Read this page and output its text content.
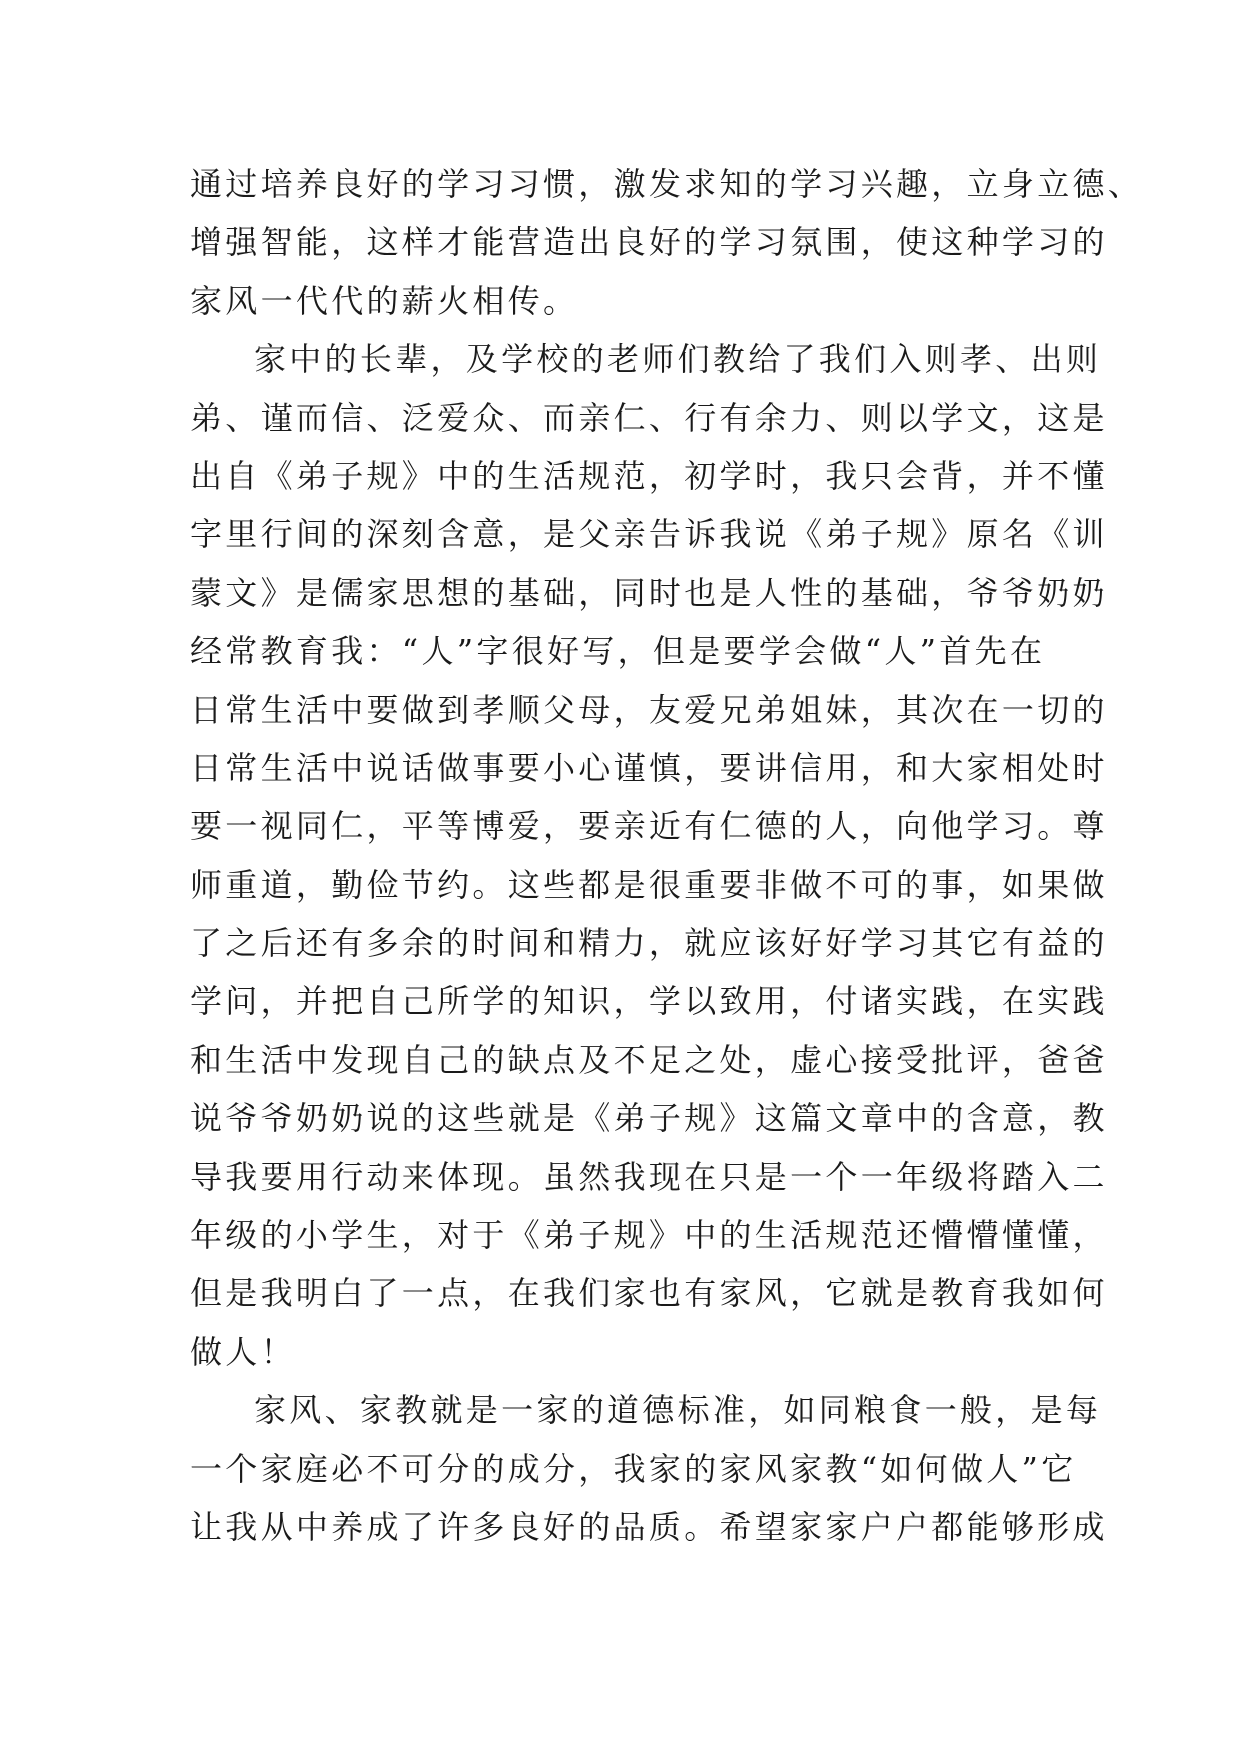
通过培养良好的学习习惯，激发求知的学习兴趣，立身立德、
增强智能，这样才能营造出良好的学习氛围，使这种学习的
家风一代代的薪火相传。
家中的长辈，及学校的老师们教给了我们入则孝、出则
弟、谨而信、泛爱众、而亲仁、行有余力、则以学文，这是
出自《弟子规》中的生活规范，初学时，我只会背，并不懂
字里行间的深刻含意，是父亲告诉我说《弟子规》原名《训
蒙文》是儒家思想的基础，同时也是人性的基础，爷爷奶奶
经常教育我：“人”字很好写，但是要学会做“人”首先在
日常生活中要做到孝顺父母，友爱兄弟姐妹，其次在一切的
日常生活中说话做事要小心谨慎，要讲信用，和大家相处时
要一视同仁，平等博爱，要亲近有仁德的人，向他学习。尊
师重道，勤俭节约。这些都是很重要非做不可的事，如果做
了之后还有多余的时间和精力，就应该好好学习其它有益的
学问，并把自己所学的知识，学以致用，付诸实践，在实践
和生活中发现自己的缺点及不足之处，虚心接受批评，爸爸
说爷爷奶奶说的这些就是《弟子规》这篇文章中的含意，教
导我要用行动来体现。虽然我现在只是一个一年级将踏入二
年级的小学生，对于《弟子规》中的生活规范还懵懵懂懂，
但是我明白了一点，在我们家也有家风，它就是教育我如何
做人！
家风、家教就是一家的道德标准，如同粮食一般，是每
一个家庭必不可分的成分，我家的家风家教“如何做人”它
让我从中养成了许多良好的品质。希望家家户户都能够形成
